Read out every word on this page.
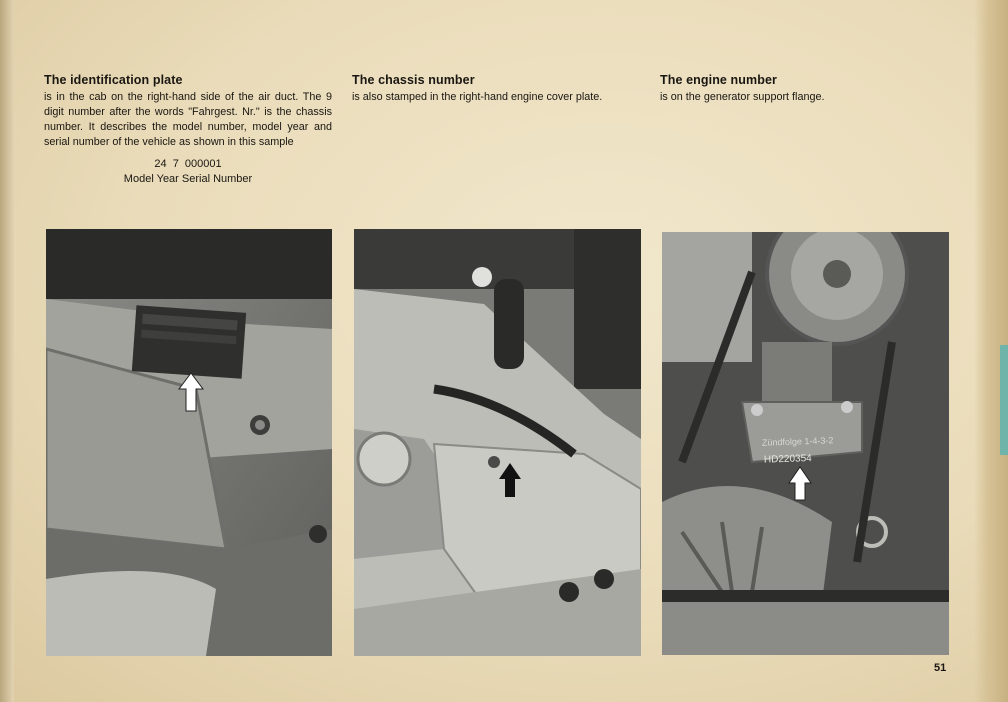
The identification plate

is in the cab on the right-hand side of the air duct. The 9 digit number after the words "Fahrgest. Nr." is the chassis number. It describes the model number, model year and serial number of the vehicle as shown in this sample

24  7  000001
Model Year Serial Number
The chassis number

is also stamped in the right-hand engine cover plate.

The engine number

is on the generator support flange.

Zündfolge 1-4-3-2
HD220354
51
